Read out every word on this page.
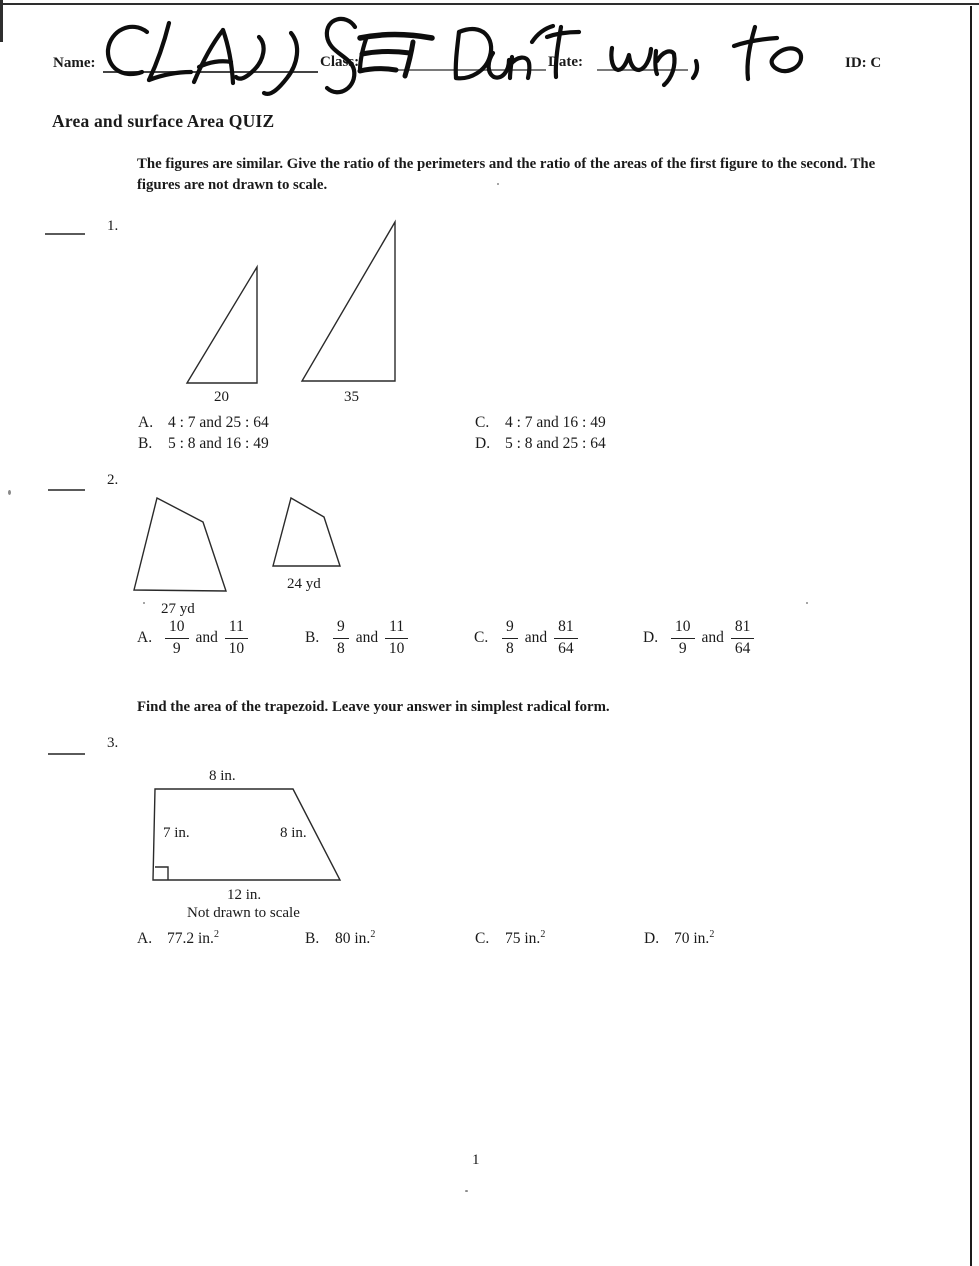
Name:	Class:	Date:	ID: C
Area and surface Area QUIZ
The figures are similar. Give the ratio of the perimeters and the ratio of the areas of the first figure to the second. The figures are not drawn to scale.
1.
20	35
A. 4 : 7 and 25 : 64	C. 4 : 7 and 16 : 49
B. 5 : 8 and 16 : 49	D. 5 : 8 and 25 : 64
2.
27 yd
24 yd
A. $\frac{10}{9}$ and $\frac{11}{10}$	B. $\frac{9}{8}$ and $\frac{11}{10}$	C. $\frac{9}{8}$ and $\frac{81}{64}$	D. $\frac{10}{9}$ and $\frac{81}{64}$
Find the area of the trapezoid. Leave your answer in simplest radical form.
3.
8 in.
7 in.	8 in.
12 in.
Not drawn to scale
A. 77.2 in.$^2$	B. 80 in.$^2$	C. 75 in.$^2$	D. 70 in.$^2$
1
